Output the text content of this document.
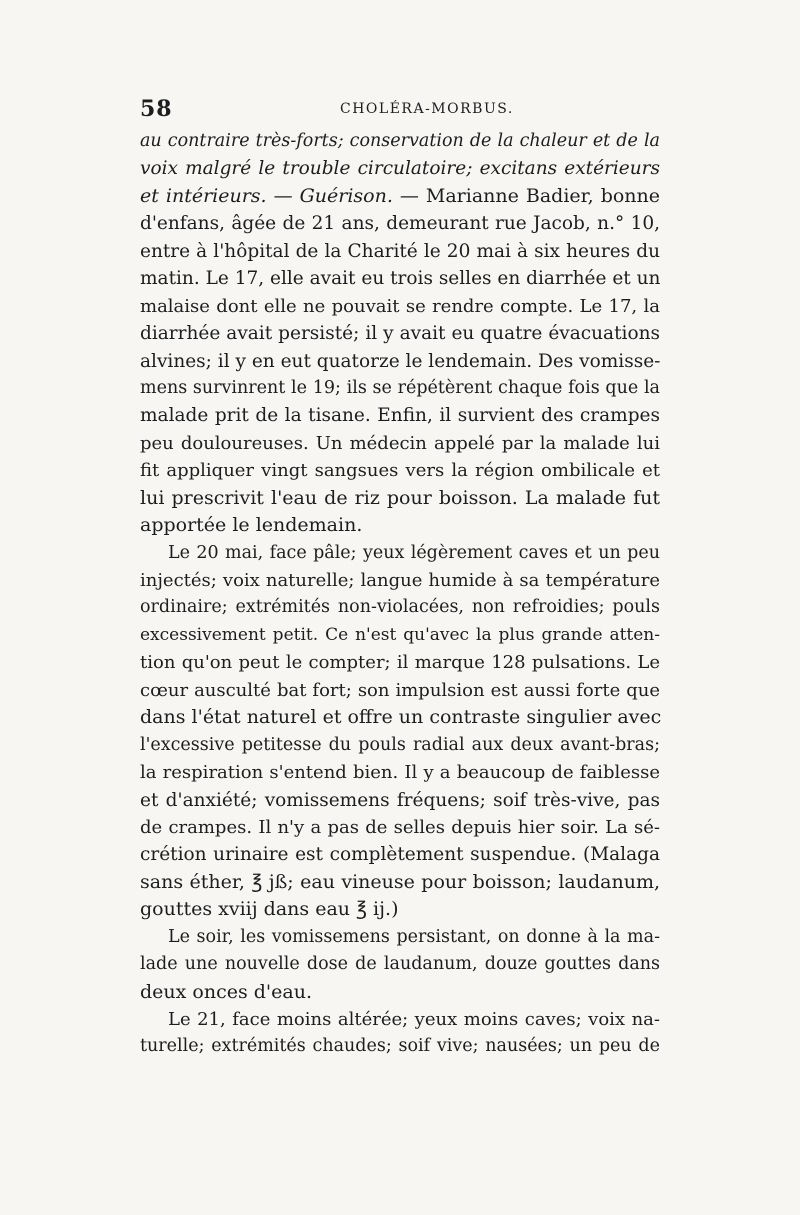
58	CHOLÉRA-MORBUS.
au contraire très-forts; conservation de la chaleur et de la
voix malgré le trouble circulatoire; excitans extérieurs
et intérieurs. — Guérison. — Marianne Badier, bonne
d'enfans, âgée de 21 ans, demeurant rue Jacob, n.° 10,
entre à l'hôpital de la Charité le 20 mai à six heures du
matin. Le 17, elle avait eu trois selles en diarrhée et un
malaise dont elle ne pouvait se rendre compte. Le 17, la
diarrhée avait persisté; il y avait eu quatre évacuations
alvines; il y en eut quatorze le lendemain. Des vomisse-
mens survinrent le 19; ils se répétèrent chaque fois que la
malade prit de la tisane. Enfin, il survient des crampes
peu douloureuses. Un médecin appelé par la malade lui
fit appliquer vingt sangsues vers la région ombilicale et
lui prescrivit l'eau de riz pour boisson. La malade fut
apportée le lendemain.
Le 20 mai, face pâle; yeux légèrement caves et un peu
injectés; voix naturelle; langue humide à sa température
ordinaire; extrémités non-violacées, non refroidies; pouls
excessivement petit. Ce n'est qu'avec la plus grande atten-
tion qu'on peut le compter; il marque 128 pulsations. Le
cœur ausculté bat fort; son impulsion est aussi forte que
dans l'état naturel et offre un contraste singulier avec
l'excessive petitesse du pouls radial aux deux avant-bras;
la respiration s'entend bien. Il y a beaucoup de faiblesse
et d'anxiété; vomissemens fréquens; soif très-vive, pas
de crampes. Il n'y a pas de selles depuis hier soir. La sé-
crétion urinaire est complètement suspendue. (Malaga
sans éther, ℥ jß; eau vineuse pour boisson; laudanum,
gouttes xviij dans eau ℥ ij.)
Le soir, les vomissemens persistant, on donne à la ma-
lade une nouvelle dose de laudanum, douze gouttes dans
deux onces d'eau.
Le 21, face moins altérée; yeux moins caves; voix na-
turelle; extrémités chaudes; soif vive; nausées; un peu de
